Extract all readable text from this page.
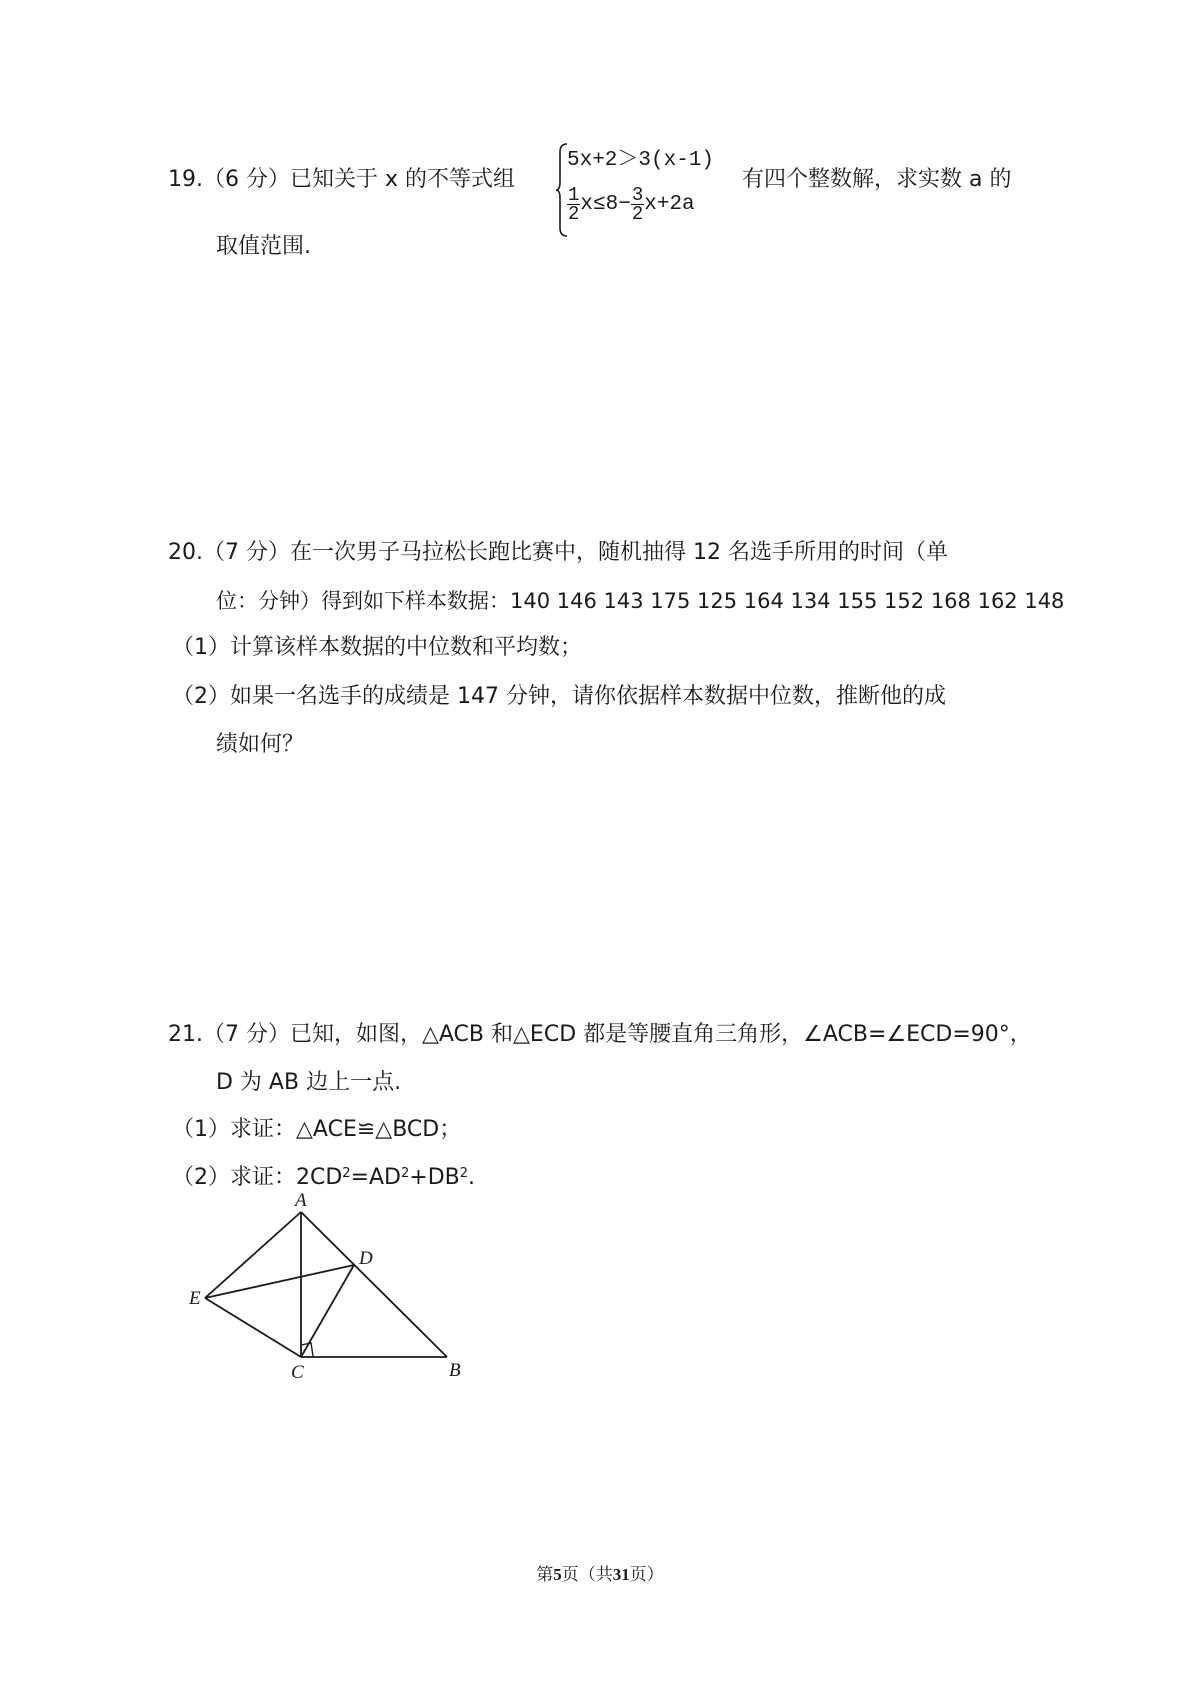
19.（6 分）已知关于 x 的不等式组
5x+2＞3(x-1)
$\frac{1}{2} x\le 8- \frac{3}{2} x+2a$
有四个整数解，求实数 a 的
取值范围.
20.（7 分）在一次男子马拉松长跑比赛中，随机抽得 12 名选手所用的时间（单
位：分钟）得到如下样本数据：140 146 143 175 125 164 134 155 152 168 162 148
（1）计算该样本数据的中位数和平均数；
（2）如果一名选手的成绩是 147 分钟，请你依据样本数据中位数，推断他的成
绩如何？
21.（7 分）已知，如图，△ACB 和△ECD 都是等腰直角三角形，∠ACB=∠ECD=90°，
D 为 AB 边上一点.
（1）求证：△ACE≌△BCD；
（2）求证：$2CD^2=AD^2+DB^2$.
A
D
E
C	B
第5页（共31页）
